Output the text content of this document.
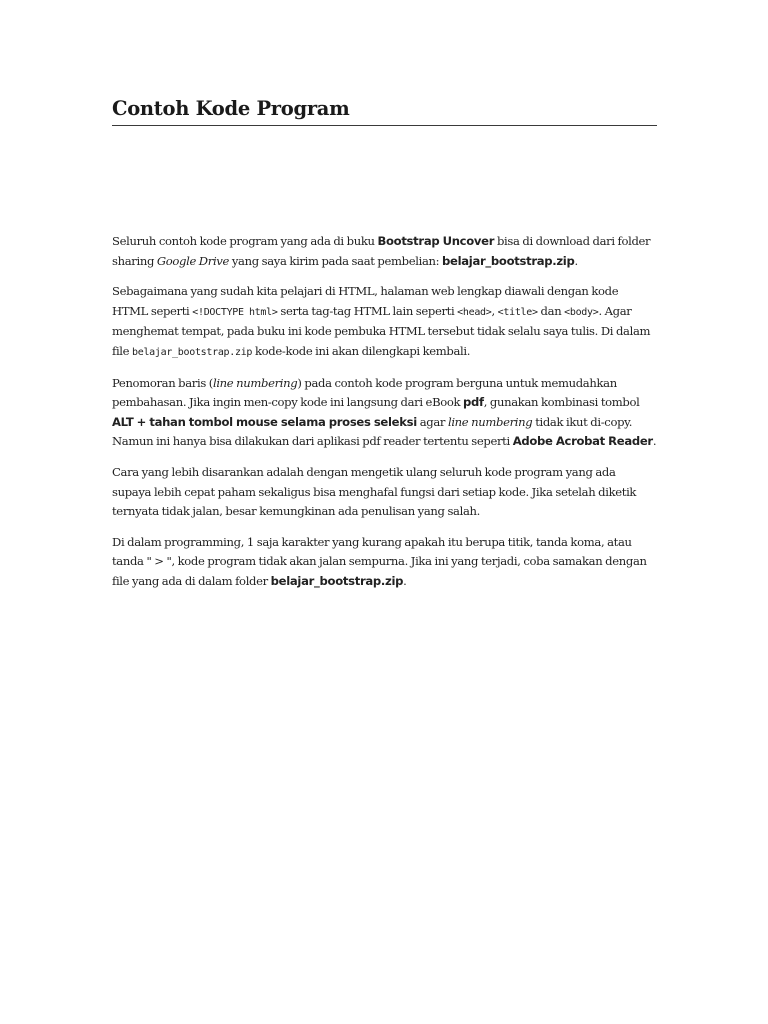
Contoh Kode Program

Seluruh contoh kode program yang ada di buku Bootstrap Uncover bisa di download dari folder sharing Google Drive yang saya kirim pada saat pembelian: belajar_bootstrap.zip.

Sebagaimana yang sudah kita pelajari di HTML, halaman web lengkap diawali dengan kode HTML seperti <!DOCTYPE html> serta tag-tag HTML lain seperti <head>, <title> dan <body>. Agar menghemat tempat, pada buku ini kode pembuka HTML tersebut tidak selalu saya tulis. Di dalam file belajar_bootstrap.zip kode-kode ini akan dilengkapi kembali.

Penomoran baris (line numbering) pada contoh kode program berguna untuk memudahkan pembahasan. Jika ingin men-copy kode ini langsung dari eBook pdf, gunakan kombinasi tombol ALT + tahan tombol mouse selama proses seleksi agar line numbering tidak ikut di-copy. Namun ini hanya bisa dilakukan dari aplikasi pdf reader tertentu seperti Adobe Acrobat Reader.

Cara yang lebih disarankan adalah dengan mengetik ulang seluruh kode program yang ada supaya lebih cepat paham sekaligus bisa menghafal fungsi dari setiap kode. Jika setelah diketik ternyata tidak jalan, besar kemungkinan ada penulisan yang salah.

Di dalam programming, 1 saja karakter yang kurang apakah itu berupa titik, tanda koma, atau tanda " > ", kode program tidak akan jalan sempurna. Jika ini yang terjadi, coba samakan dengan file yang ada di dalam folder belajar_bootstrap.zip.
